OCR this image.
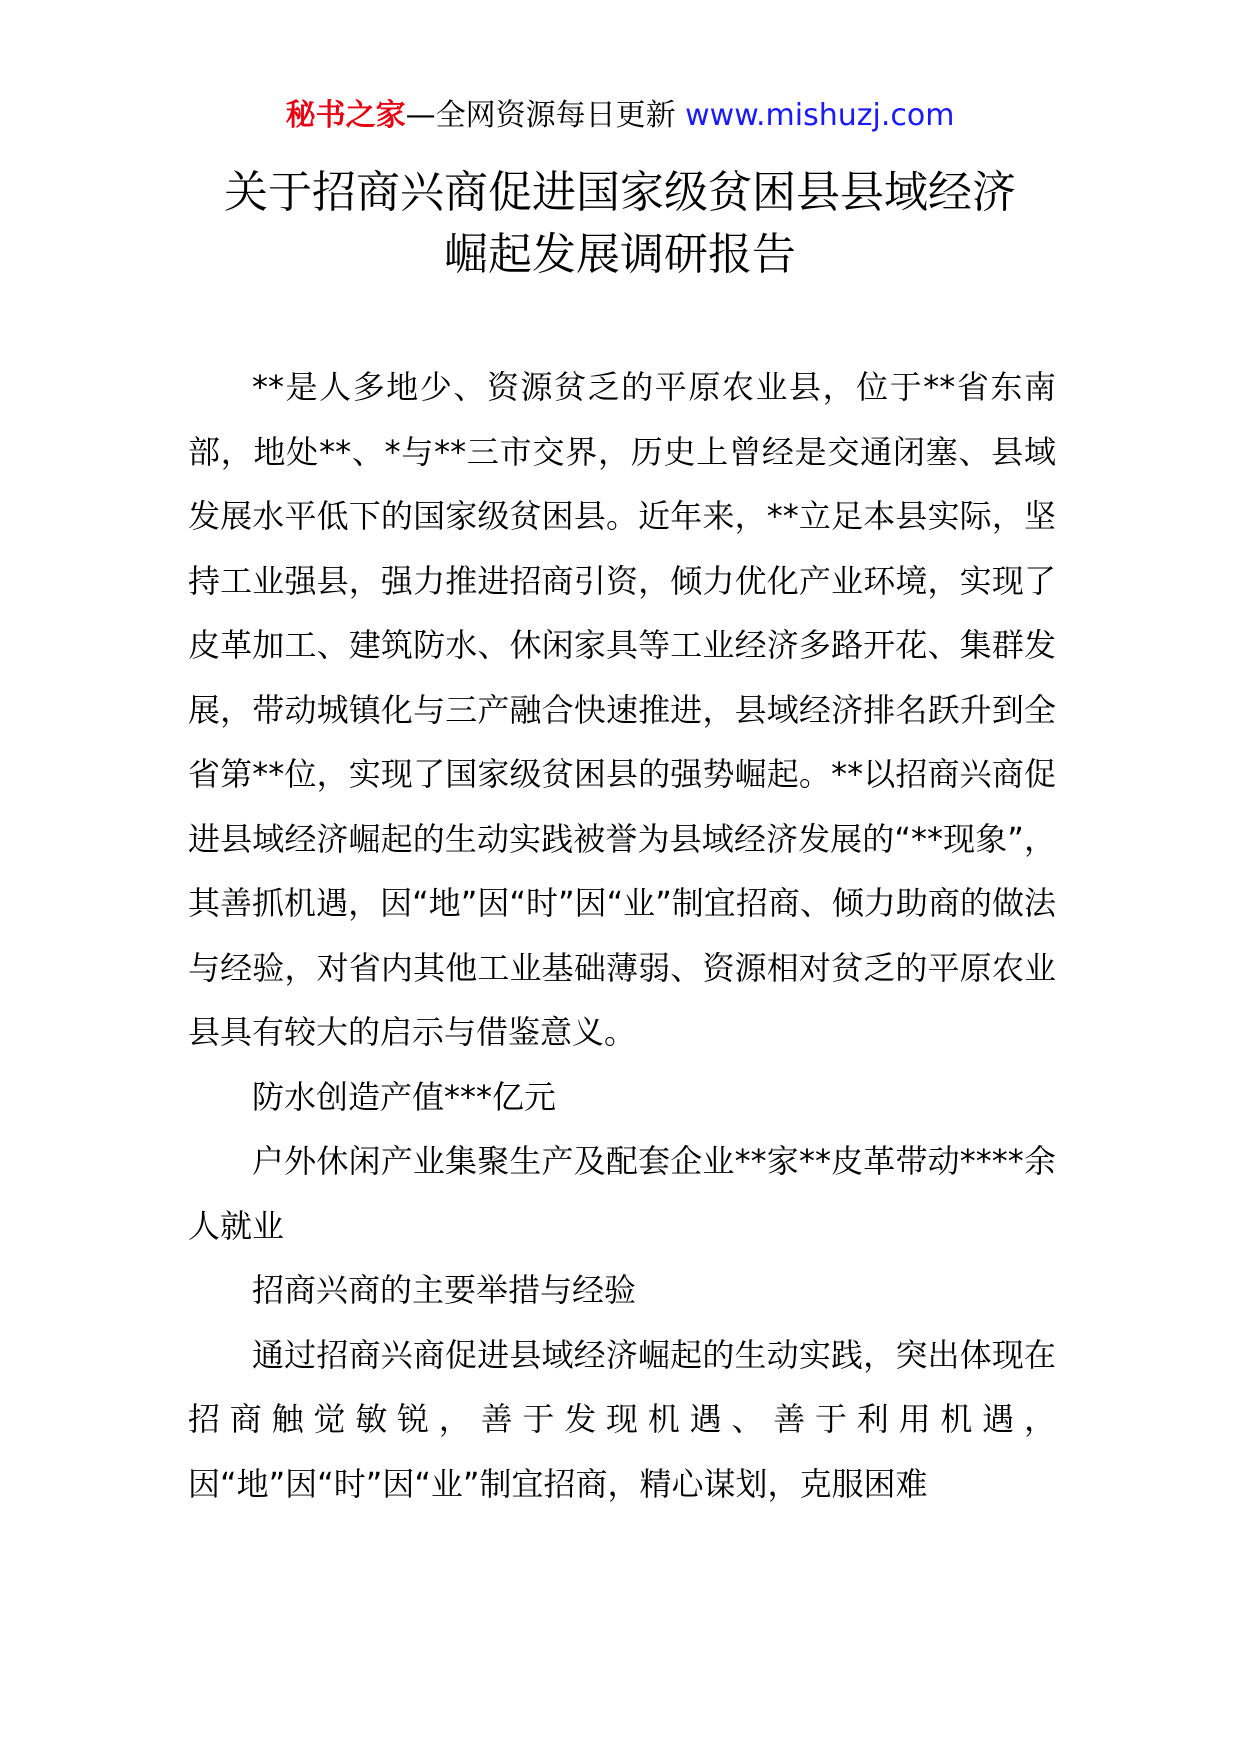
秘书之家—全网资源每日更新 www.mishuzj.com
关于招商兴商促进国家级贫困县县域经济
崛起发展调研报告

**是人多地少、资源贫乏的平原农业县，位于**省东南部，地处**、*与**三市交界，历史上曾经是交通闭塞、县域发展水平低下的国家级贫困县。近年来，**立足本县实际，坚持工业强县，强力推进招商引资，倾力优化产业环境，实现了皮革加工、建筑防水、休闲家具等工业经济多路开花、集群发展，带动城镇化与三产融合快速推进，县域经济排名跃升到全省第**位，实现了国家级贫困县的强势崛起。**以招商兴商促进县域经济崛起的生动实践被誉为县域经济发展的“**现象”，其善抓机遇，因“地”因“时”因“业”制宜招商、倾力助商的做法与经验，对省内其他工业基础薄弱、资源相对贫乏的平原农业县具有较大的启示与借鉴意义。

防水创造产值***亿元

户外休闲产业集聚生产及配套企业**家**皮革带动****余人就业

招商兴商的主要举措与经验

通过招商兴商促进县域经济崛起的生动实践，突出体现在招商触觉敏锐，善于发现机遇、善于利用机遇，因“地”因“时”因“业”制宜招商，精心谋划，克服困难
